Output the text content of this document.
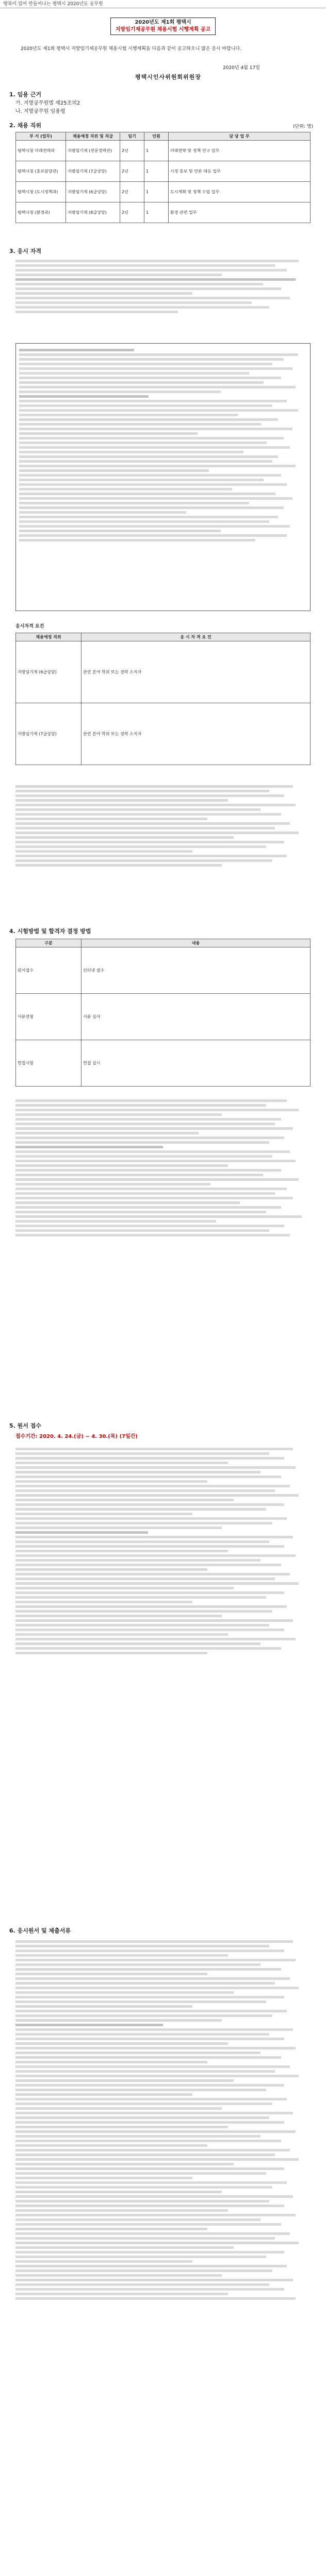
행복이 있어 만들어나는 평택시 2020년도 공무원
2020년도 제1회 평택시
지방임기제공무원 채용시험 시행계획 공고
2020년도 제1회 평택시 지방임기제공무원 채용시험 시행계획을 다음과 같이 공고하오니 많은 응시 바랍니다.
2020년 4월 17일
평택시인사위원회위원장
1. 임용 근거
가. 지방공무원법 제25조의2
나. 지방공무원 임용령
2. 채용 직위	(단위: 명)
부 서 (업무)	채용예정 직위 및 직급	임기	인원	담 당 업 무
평택시청 미래전략과	지방임기제 (전문경력관)	2년	1	미래전략 및 정책 연구 업무
평택시청 (홍보담당관)	지방임기제 (7급상당)	2년	1	시정 홍보 및 언론 대응 업무
평택시청 (도시정책과)	지방임기제 (6급상당)	2년	1	도시계획 및 정책 수립 업무
평택시청 (환경과)	지방임기제 (8급상당)	2년	1	환경 관련 업무
3. 응시 자격
응시자격 요건
채용예정 직위	응 시 자 격 요 건
지방임기제 (6급상당)	관련 분야 학위 또는 경력 소지자
지방임기제 (7급상당)	관련 분야 학위 또는 경력 소지자
4. 시험방법 및 합격자 결정 방법
구분	내용
원서접수	인터넷 접수
서류전형	서류 심사
면접시험	면접 실시
5. 원서 접수
접수기간: 2020. 4. 24.(금) ~ 4. 30.(목) (7일간)
6. 응시원서 및 제출서류
